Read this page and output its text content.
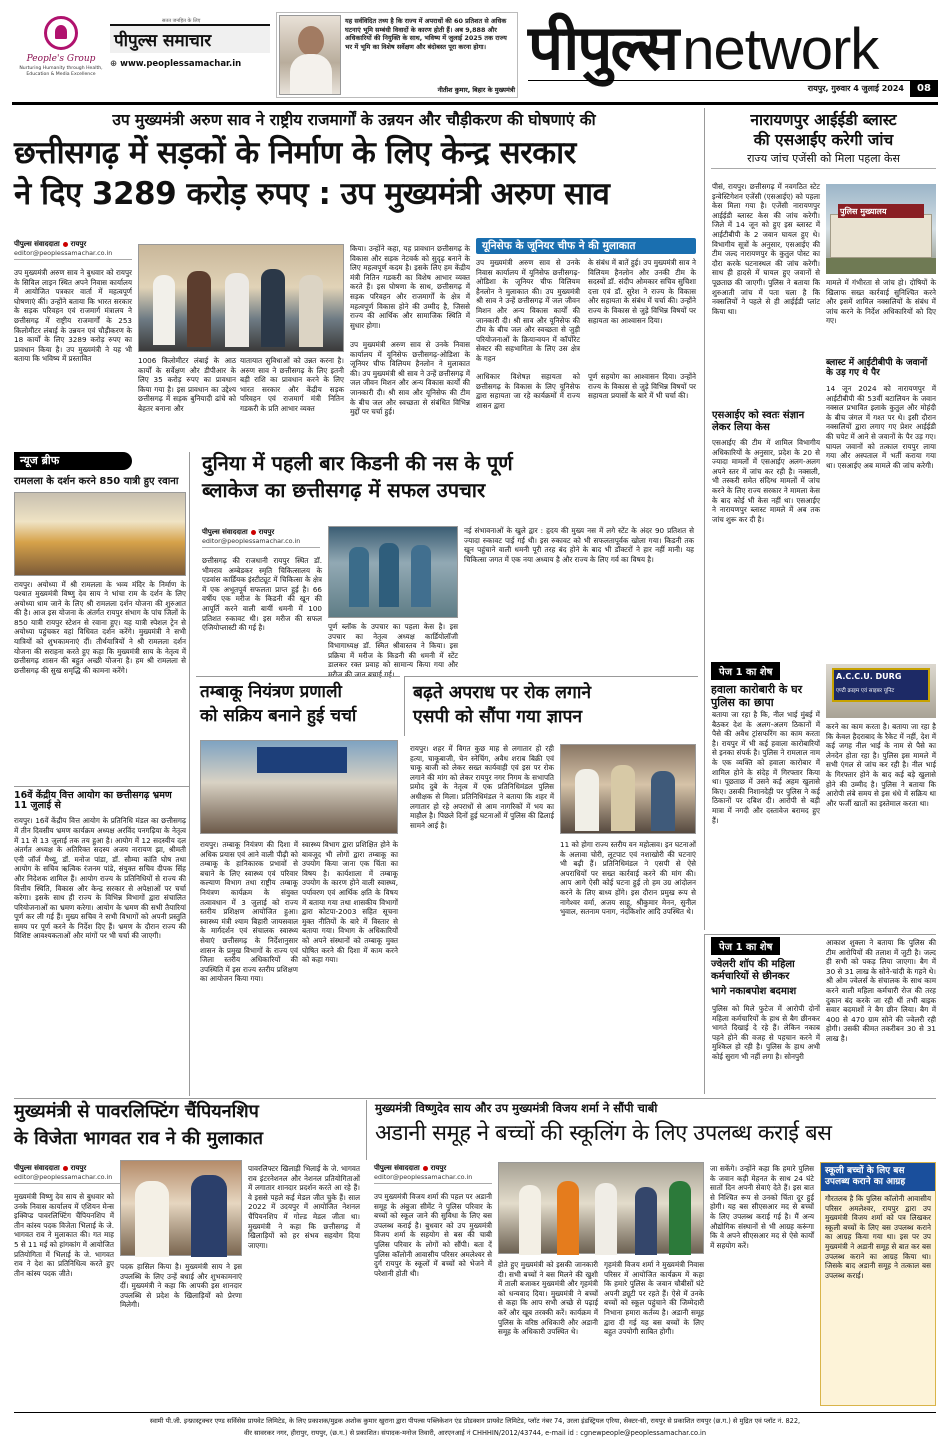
People's Group
Nurturing Humanity through Health, Education & Media Excellence
सतत जनहित के लिए
पीपुल्स समाचार
⊕ www.peoplessamachar.in
यह सर्वविदित तथ्य है कि राज्य में अपराधों की 60 प्रतिशत से अधिक घटनाएं भूमि सम्बंधी विवादों के कारण होती हैं। अब 9,888 और अधिकारियों की नियुक्ति के साथ, भविष्य में जुलाई 2025 तक राज्य भर में भूमि का विशेष सर्वेक्षण और बंदोबस्त पूरा करना होगा।
नीतीश कुमार, बिहार के मुख्यमंत्री
पीपुल्स network
रायपुर, गुरुवार 4 जुलाई 2024	08
उप मुख्यमंत्री अरुण साव ने राष्ट्रीय राजमार्गों के उन्नयन और चौड़ीकरण की घोषणाएं की
छत्तीसगढ़ में सड़कों के निर्माण के लिए केन्द्र सरकार
ने दिए 3289 करोड़ रुपए : उप मुख्यमंत्री अरुण साव
पीपुल्स संवाददाता रायपुर
editor@peoplessamachar.co.in
उप मुख्यमंत्री अरुण साव ने बुधवार को रायपुर के सिविल लाइन स्थित अपने निवास कार्यालय में आयोजित पत्रकार वार्ता में महत्वपूर्ण घोषणाएं कीं। उन्होंने बताया कि भारत सरकार के सड़क परिवहन एवं राजमार्ग मंत्रालय ने छत्तीसगढ़ में राष्ट्रीय राजमार्गों के 253 किलोमीटर लंबाई के उन्नयन एवं चौड़ीकरण के 18 कार्यों के लिए 3289 करोड़ रुपए का प्रावधान किया है। उप मुख्यमंत्री ने यह भी बताया कि भविष्य में प्रस्तावित	1006 किलोमीटर लंबाई के आठ कार्यों के सर्वेक्षण और डीपीआर के लिए 35 करोड़ रुपए का प्रावधान किया गया है। इस प्रावधान का उद्देश्य छत्तीसगढ़ में सड़क बुनियादी ढांचे को बेहतर बनाना और
यातायात सुविधाओं को उन्नत करना है। अरुण साव ने छत्तीसगढ़ के लिए इतनी बड़ी राशि का प्रावधान करने के लिए भारत सरकार और केंद्रीय सड़क परिवहन एवं राजमार्ग मंत्री नितिन गडकरी के प्रति आभार व्यक्त
किया। उन्होंने कहा, यह प्रावधान छत्तीसगढ़ के विकास और सड़क नेटवर्क को सुदृढ़ बनाने के लिए महत्वपूर्ण कदम है। इसके लिए हम केंद्रीय मंत्री नितिन गडकरी का विशेष आभार व्यक्त करते हैं। इस घोषणा के साथ, छत्तीसगढ़ में सड़क परिवहन और राजमार्गों के क्षेत्र में महत्वपूर्ण विकास होने की उम्मीद है, जिससे राज्य की आर्थिक और सामाजिक स्थिति में सुधार होगा।
उप मुख्यमंत्री अरुण साव से उनके निवास कार्यालय में यूनिसेफ छत्तीसगढ़-ओडिशा के जूनियर चीफ विलियम हैनलोन ने मुलाकात की। उप मुख्यमंत्री श्री साव ने उन्हें छत्तीसगढ़ में जल जीवन मिशन और अन्य विकास कार्यों की जानकारी दी। श्री साव और यूनिसेफ की टीम के बीच जल और स्वच्छता से संबंधित विभिन्न मुद्दों पर चर्चा हुई।
यूनिसेफ के जूनियर चीफ ने की मुलाकात
उप मुख्यमंत्री अरुण साव से उनके निवास कार्यालय में यूनिसेफ छत्तीसगढ़-ओडिशा के जूनियर चीफ विलियम हैनलोन ने मुलाकात की। उप मुख्यमंत्री श्री साव ने उन्हें छत्तीसगढ़ में जल जीवन मिशन और अन्य विकास कार्यों की जानकारी दी। श्री साव और यूनिसेफ की टीम के बीच जल और स्वच्छता से जुड़ी परियोजनाओं के क्रियान्वयन में कॉर्पोरेट सेक्टर की सहभागिता के लिए उस क्षेत्र के गहन
के संबंध में बातें हुई। उप मुख्यमंत्री साव ने विलियम हैनलोन और उनकी टीम के सदस्यों डॉ. संदीप ओमकार सचिव सुचिशा दत्ता एवं डॉ. सुरेश ने राज्य के विकास और सहायता के संबंध में चर्चा की। उन्होंने राज्य के विकास से जुड़े विभिन्न विषयों पर सहायता का आश्वासन दिया।
आधिकार विशेषज्ञ सहायता को छत्तीसगढ़ के विकास के लिए यूनिसेफ द्वारा सहायता जा रहे कार्यक्रमों में राज्य शासन द्वारा
पूर्ण सहयोग का आश्वासन दिया। उन्होंने राज्य के विकास से जुड़े विभिन्न विषयों पर सहायता प्रयासों के बारे में भी चर्चा की।
नारायणपुर आईईडी ब्लास्ट
की एसआईए करेगी जांच
राज्य जांच एजेंसी को मिला पहला केस
पीसं, रायपुर। छत्तीसगढ़ में नवगठित स्टेट इन्वेस्टिगेशन एजेंसी (एसआईए) को पहला केस मिला गया है। एजेंसी नारायणपुर आईईडी ब्लास्ट केस की जांच करेगी। जिले में 14 जून को हुए इस ब्लास्ट में आईटीबीपी के 2 जवान घायल हुए थे। विभागीय सूत्रों के अनुसार, एसआईए की टीम जल्द नारायणपुर के कुतुल पोस्ट का दौरा करके घटनास्थल की जांच करेगी। साथ ही हादसे में घायल हुए जवानों से पूछताछ की जाएगी। पुलिस ने बताया कि शुरुआती जांच में पता चला है कि नक्सलियों ने पहले से ही आईईडी प्लांट किया था।
पुलिस मुख्यालय
मामले में गंभीरता से जांच हो। दोषियों के खिलाफ सख्त कार्रवाई सुनिश्चित करने और इसमें शामिल नक्सलियों के संबंध में जांच करने के निर्देश अधिकारियों को दिए गए।
ब्लास्ट में आईटीबीपी के जवानों के उड़ गए थे पैर
14 जून 2024 को नारायणपुर में आईटीबीपी की 53वीं बटालियन के जवान नक्सल प्रभावित इलाके कुतुल और मोहंदी के बीच जंगल में गश्त पर थे। इसी दौरान नक्सलियों द्वारा लगाए गए प्रेशर आईईडी की चपेट में आने से जवानों के पैर उड़ गए। घायल जवानों को तत्काल रायपुर लाया गया और अस्पताल में भर्ती कराया गया था। एसआईए अब मामले की जांच करेगी।
एसआईए को स्वतः संज्ञान लेकर लिया केस
एसआईए की टीम में शामिल विभागीय अधिकारियों के अनुसार, प्रदेश के 20 से ज्यादा मामलों में एसआईए अलग-अलग अपने स्तर में जांच कर रही है। नक्सली, भी तस्करी समेत संदिग्ध मामलों में जांच करने के लिए राज्य सरकार ने मामला केस के बाद कोई भी केस नहीं था। एसआईए ने नारायणपुर ब्लास्ट मामले में अब तक जांच शुरू कर दी है।
न्यूज ब्रीफ
रामलला के दर्शन करने 850 यात्री हुए रवाना
रायपुर। अयोध्या में श्री रामलला के भव्य मंदिर के निर्माण के पश्चात मुख्यमंत्री विष्णु देव साय ने भांचा राम के दर्शन के लिए अयोध्या धाम जाने के लिए श्री रामलला दर्शन योजना की शुरुआत की है। आज इस योजना के अंतर्गत रायपुर संभाग के पांच जिलों के 850 यात्री रायपुर स्टेशन से रवाना हुए। यह यात्री स्पेशल ट्रेन से अयोध्या पहुंचकर वहां विधिवत दर्शन करेंगे। मुख्यमंत्री ने सभी यात्रियों को शुभकामनाएं दीं। तीर्थयात्रियों ने श्री रामलला दर्शन योजना की सराहना करते हुए कहा कि मुख्यमंत्री साय के नेतृत्व में छत्तीसगढ़ शासन की बहुत अच्छी योजना है। हम श्री रामलला से छत्तीसगढ़ की सुख समृद्धि की कामना करेंगे।
16वें केंद्रीय वित्त आयोग का छत्तीसगढ़ भ्रमण 11 जुलाई से
रायपुर। 16वें केंद्रीय वित्त आयोग के प्रतिनिधि मंडल का छत्तीसगढ़ में तीन दिवसीय भ्रमण कार्यक्रम अध्यक्ष अरविंद पनगढ़िया के नेतृत्व में 11 से 13 जुलाई तक तय हुआ है। आयोग में 12 सदस्यीय दल अंतर्गत अध्यक्ष के अतिरिक्त सदस्य अजय नारायण झा, श्रीमती एनी जॉर्ज मैथ्यू, डॉ. मनोज पांडा, डॉ. सौम्या कांति घोष तथा आयोग के सचिव ऋत्विक रंजनम पांडे, संयुक्त सचिव दीपक सिंह और निदेशक शामिल हैं। आयोग राज्य के प्रतिनिधियों से राज्य की वित्तीय स्थिति, विकास और केन्द्र सरकार से अपेक्षाओं पर चर्चा करेगा। इसके साथ ही राज्य के विभिन्न विभागों द्वारा संचालित परियोजनाओं का भ्रमण करेगा। आयोग के भ्रमण की सभी तैयारियां पूर्ण कर ली गई हैं। मुख्य सचिव ने सभी विभागों को अपनी प्रस्तुति समय पर पूर्ण करने के निर्देश दिए हैं। भ्रमण के दौरान राज्य की विशिष्ट आवश्यकताओं और मांगों पर भी चर्चा की जाएगी।
दुनिया में पहली बार किडनी की नस के पूर्ण
ब्लाकेज का छत्तीसगढ़ में सफल उपचार
पीपुल्स संवाददाता रायपुर
editor@peoplessamachar.co.in
छत्तीसगढ़ की राजधानी रायपुर स्थित डॉ. भीमराव अम्बेडकर स्मृति चिकित्सालय के एडवांस कार्डियक इंस्टीट्यूट में चिकित्सा के क्षेत्र में एक अभूतपूर्व सफलता प्राप्त हुई है। 66 वर्षीय एक मरीज के किडनी की खून की आपूर्ति करने वाली बायीं धमनी में 100 प्रतिशत रुकावट थी। इस मरीज की सफल एंजियोप्लास्टी की गई है।	पूर्ण ब्लॉक के उपचार का पहला केस है। इस उपचार का नेतृत्व अध्यक्ष कार्डियोलॉजी विभागाध्यक्ष डॉ. स्मित श्रीवास्तव ने किया। इस प्रक्रिया में मरीज के किडनी की धमनी में स्टेंट डालकर रक्त प्रवाह को सामान्य किया गया और मरीज की जान बचाई गई।
नई संभावनाओं के खुले द्वार : हृदय की मुख्य नस में लगे स्टेंट के अंदर 90 प्रतिशत से ज्यादा रुकावट पाई गई थी। इस रुकावट को भी सफलतापूर्वक खोला गया। किडनी तक खून पहुंचाने वाली धमनी पूरी तरह बंद होने के बाद भी डॉक्टरों ने हार नहीं मानी। यह चिकित्सा जगत में एक नया अध्याय है और राज्य के लिए गर्व का विषय है।
तम्बाकू नियंत्रण प्रणाली
को सक्रिय बनाने हुई चर्चा
रायपुर। तम्बाकू नियंत्रण की दिशा में अधिक प्रयास एवं आने वाली पीढ़ी को तम्बाकू के हानिकारक प्रभावों से बचाने के लिए स्वास्थ्य एवं परिवार कल्याण विभाग तथा राष्ट्रीय तम्बाकू नियंत्रण कार्यक्रम के संयुक्त तत्वावधान में 3 जुलाई को राज्य स्तरीय प्रशिक्षण आयोजित हुआ। स्वास्थ्य मंत्री श्याम बिहारी जायसवाल के मार्गदर्शन एवं संचालक स्वास्थ्य सेवाएं छत्तीसगढ़ के निर्देशानुसार शासन के प्रमुख विभागों के राज्य एवं जिला स्तरीय अधिकारियों की उपस्थिति में इस राज्य स्तरीय प्रशिक्षण का आयोजन किया गया।
स्वास्थ्य विभाग द्वारा प्रशिक्षित होने के बावजूद भी लोगों द्वारा तम्बाकू का उपयोग किया जाना एक चिंता का विषय है। कार्यशाला में तम्बाकू उपयोग के कारण होने वाली स्वास्थ्य, पर्यावरण एवं आर्थिक क्षति के विषय में बताया गया तथा शासकीय विभागों द्वारा कोटपा-2003 सहित सूचना मुक्त नीतियों के बारे में विस्तार से बताया गया। विभाग के अधिकारियों को अपने संस्थानों को तम्बाकू मुक्त घोषित करने की दिशा में काम करने को कहा गया।
बढ़ते अपराध पर रोक लगाने
एसपी को सौंपा गया ज्ञापन
रायपुर। शहर में विगत कुछ माह से लगातार हो रही हत्या, चाकूबाजी, चेन स्नेचिंग, अवैध शराब बिक्री एवं चाकू बाजी को लेकर सख्त कार्यवाही एवं इस पर रोक लगाने की मांग को लेकर रायपुर नगर निगम के सभापति प्रमोद दुबे के नेतृत्व में एक प्रतिनिधिमंडल पुलिस अधीक्षक से मिला। प्रतिनिधिमंडल ने बताया कि शहर में लगातार हो रहे अपराधों से आम नागरिकों में भय का माहौल है। पिछले दिनों हुई घटनाओं में पुलिस की ढिलाई सामने आई है।
11 को होगा राज्य स्तरीय वन महोत्सव। इन घटनाओं के अलावा चोरी, लूटपाट एवं नशाखोरी की घटनाएं भी बढ़ी हैं। प्रतिनिधिमंडल ने एसपी से ऐसे अपराधियों पर सख्त कार्रवाई करने की मांग की। आप आगे ऐसी कोई घटना हुई तो हम उग्र आंदोलन करने के लिए बाध्य होंगे। इस दौरान प्रमुख रूप से नागेश्वर वर्मा, अजय साहू, श्रीकुमार मेनन, सुनील भुवाल, सतनाम पनाग, नंदकिशोर आदि उपस्थित थे।
पेज 1 का शेष
हवाला कारोबारी के घर पुलिस का छापा
बताया जा रहा है कि, नील भाई मुंबई में बैठकर देश के अलग-अलग ठिकानों में पैसे की अवैध ट्रांसफरिंग का काम करता है। रायपुर में भी कई हवाला कारोबारियों से इनका संपर्क है। पुलिस ने रामलाल नाम के एक व्यक्ति को हवाला कारोबार में शामिल होने के संदेह में गिरफ्तार किया था। पूछताछ में उसने कई अहम खुलासे किए। उसकी निशानदेही पर पुलिस ने कई ठिकानों पर दबिश दी। आरोपी से बड़ी मात्रा में नगदी और दस्तावेज बरामद हुए हैं।
A.C.C.U. DURG
एण्टी क्राइम एवं साइबर यूनिट
करने का काम करता है। बताया जा रहा है कि केवल हैदराबाद के रैकेट में नहीं, देश में कई जगह नील भाई के नाम से पैसे का लेनदेन होता रहा है। पुलिस इस मामले में सभी एंगल से जांच कर रही है। नील भाई के गिरफ्तार होने के बाद कई बड़े खुलासे होने की उम्मीद है। पुलिस ने बताया कि आरोपी लंबे समय से इस धंधे में सक्रिय था और फर्जी खातों का इस्तेमाल करता था।
पेज 1 का शेष
ज्वेलरी शॉप की महिला
कर्मचारियों से छीनकर
भागे नकाबपोश बदमाश
पुलिस को मिले फुटेज में आरोपी दोनों महिला कर्मचारियों के हाथ से बैग छीनकर भागते दिखाई दे रहे हैं। लेकिन नकाब पहने होने की वजह से पहचान करने में मुश्किल हो रही है। पुलिस के हाथ अभी कोई सुराग भी नहीं लगा है। सोनपुरी
आकाश शुक्ला ने बताया कि पुलिस की टीम आरोपियों की तलाश में जुटी है। जल्द ही सभी को पकड़ लिया जाएगा। बैग में 30 से 31 लाख के सोने-चांदी के गहने थे। श्री ओम ज्वेलर्स के संचालक के साथ काम करने वाली महिला कर्मचारी रोज की तरह दुकान बंद करके जा रही थीं तभी बाइक सवार बदमाशों ने बैग छीन लिया। बैग में 400 से 470 ग्राम सोने की ज्वेलरी रही होगी। उसकी कीमत तकरीबन 30 से 31 लाख है।
मुख्यमंत्री से पावरलिफ्टिंग चैंपियनशिप
के विजेता भागवत राव ने की मुलाकात
पीपुल्स संवाददाता रायपुर
editor@peoplessamachar.co.in
मुख्यमंत्री विष्णु देव साय से बुधवार को उनके निवास कार्यालय में एशियन मेन्स इक्विप्ड पावरलिफ्टिंग चैंपियनशिप में तीन कांस्य पदक विजेता भिलाई के जे. भागवत राव ने मुलाकात की। गत माह 5 से 11 मई को हांगकांग में आयोजित प्रतियोगिता में भिलाई के जे. भागवत राव ने देश का प्रतिनिधित्व करते हुए तीन कांस्य पदक जीते।
पदक हासिल किया है। मुख्यमंत्री साय ने इस उपलब्धि के लिए उन्हें बधाई और शुभकामनाएं दीं। मुख्यमंत्री ने कहा कि आपकी इस शानदार उपलब्धि से प्रदेश के खिलाड़ियों को प्रेरणा मिलेगी।
पावरलिफ्टर खिलाड़ी भिलाई के जे. भागवत राव इंटरनेशनल और नेशनल प्रतियोगिताओं में लगातार शानदार प्रदर्शन करते आ रहे हैं। वे इससे पहले कई मेडल जीत चुके हैं। साल 2022 में उदयपुर में आयोजित नेशनल चैंपियनशिप में गोल्ड मेडल जीता था। मुख्यमंत्री ने कहा कि छत्तीसगढ़ में खिलाड़ियों को हर संभव सहयोग दिया जाएगा।
मुख्यमंत्री विष्णुदेव साय और उप मुख्यमंत्री विजय शर्मा ने सौंपी चाबी
अडानी समूह ने बच्चों की स्कूलिंग के लिए उपलब्ध कराई बस
पीपुल्स संवाददाता रायपुर
editor@peoplessamachar.co.in
उप मुख्यमंत्री विजय शर्मा की पहल पर अडानी समूह के अंबुजा सीमेंट ने पुलिस परिवार के बच्चों को स्कूल जाने की सुविधा के लिए बस उपलब्ध कराई है। बुधवार को उप मुख्यमंत्री विजय शर्मा के सहयोग से बस की चाबी पुलिस परिवार के लोगों को सौंपी। बता दें पुलिस कॉलोनी आवासीय परिसर अमलेश्वर से दुर्ग रायपुर के स्कूलों में बच्चों को भेजने में परेशानी होती थी।
होते हुए मुख्यमंत्री को इसकी जानकारी दी। सभी बच्चों ने बस मिलने की खुशी में ताली बजाकर मुख्यमंत्री और गृहमंत्री को धन्यवाद दिया। मुख्यमंत्री ने बच्चों से कहा कि आप सभी अच्छे से पढ़ाई करें और खूब तरक्की करें। कार्यक्रम में पुलिस के वरिष्ठ अधिकारी और अडानी समूह के अधिकारी उपस्थित थे।
गृहमंत्री विजय शर्मा ने मुख्यमंत्री निवास परिसर में आयोजित कार्यक्रम में कहा कि हमारे पुलिस के जवान चौबीसों घंटे अपनी ड्यूटी पर रहते हैं। ऐसे में उनके बच्चों को स्कूल पहुंचाने की जिम्मेदारी निभाना हमारा कर्तव्य है। अडानी समूह द्वारा दी गई यह बस बच्चों के लिए बहुत उपयोगी साबित होगी।
जा सकेंगे। उन्होंने कहा कि हमारे पुलिस के जवान कड़ी मेहनत के साथ 24 घंटे सातों दिन अपनी सेवाएं देते हैं। इस बात से निश्चित रूप से उनको चिंता दूर हुई होगी। यह बस सीएसआर मद से बच्चों के लिए उपलब्ध कराई गई है। मैं अन्य औद्योगिक संस्थानों से भी आग्रह करूंगा कि वे अपने सीएसआर मद से ऐसे कार्यों में सहयोग करें।
स्कूली बच्चों के लिए बस उपलब्ध कराने का आग्रह
गौरतलब है कि पुलिस कॉलोनी आवासीय परिसर अमलेश्वर, रायपुर द्वारा उप मुख्यमंत्री विजय शर्मा को पत्र लिखकर स्कूली बच्चों के लिए बस उपलब्ध कराने का आग्रह किया गया था। इस पर उप मुख्यमंत्री ने अडानी समूह से बात कर बस उपलब्ध कराने का आग्रह किया था। जिसके बाद अडानी समूह ने तत्काल बस उपलब्ध कराई।
स्वामी पी.जी. इन्फ्रास्ट्रक्चर एण्ड सर्विसेस प्रायवेट लिमिटेड, के लिए प्रकाशक/मुद्रक अशोक कुमार खुराना द्वारा पीपल्स पब्लिकेशन एंड प्रोडक्शन प्रायवेट लिमिटेड, प्लॉट नंबर 74, उरला इंडस्ट्रियल एरिया, सेक्टर-सी, रायपुर से प्रकाशित रायपुर (छ.ग.) से मुद्रित एवं प्लॉट नं. 822,
वीर सावरकर नगर, हीरापुर, रायपुर, (छ.ग.) से प्रकाशित। संपादक-मनोज तिवारी, आरएनआई नं CHHHIN/2012/43744, e-mail id : cgnewpeople@peoplessamachar.co.in
